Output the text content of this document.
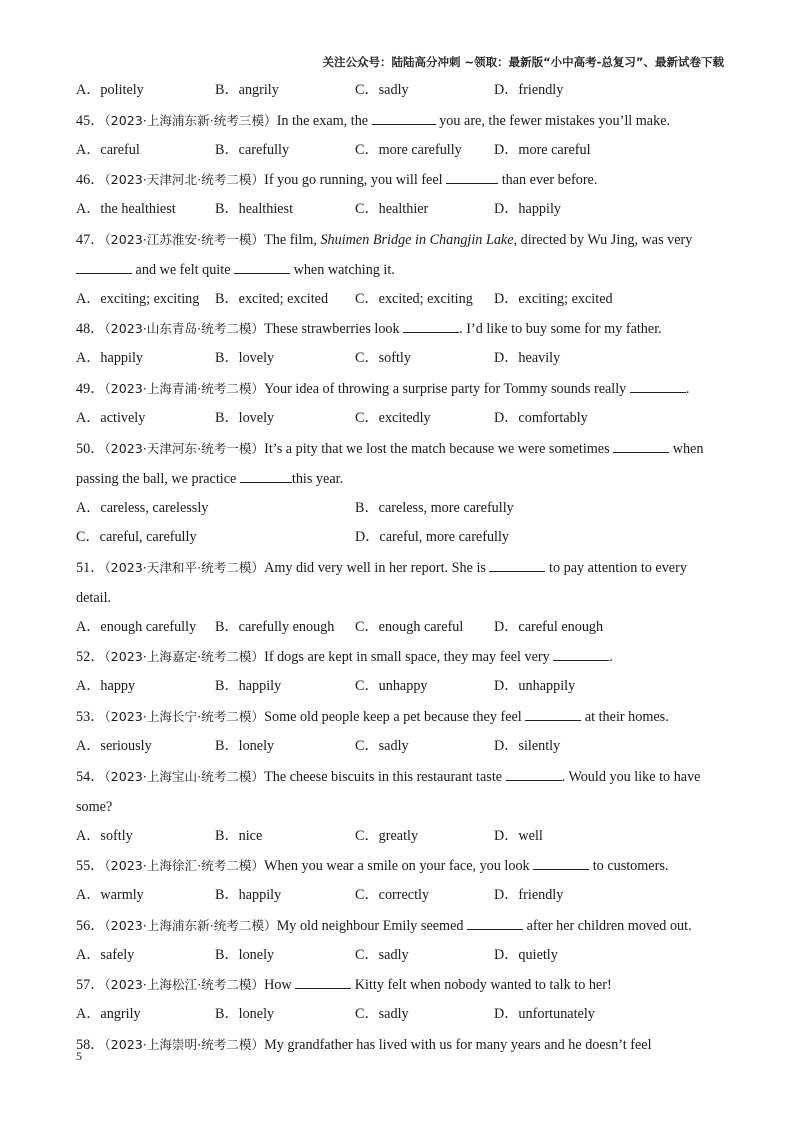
关注公众号：陆陆高分冲刺 ~领取：最新版“小中高考-总复习”、最新试卷下载
A．politely	B．angrily	C．sadly	D．friendly

45．（2023·上海浦东新·统考三模）In the exam, the	you are, the fewer mistakes you’ll make.

A．careful	B．carefully	C．more carefully D．more careful

46．（2023·天津河北·统考二模）If you go running, you will feel	than ever before.

A．the healthiest	B．healthiest	C．healthier	D．happily

47．（2023·江苏淮安·统考一模）The film, Shuimen Bridge in Changjin Lake, directed by Wu Jing, was very

and we felt quite	when watching it.

A．exciting; exciting B．excited; excited C．excited; exciting D．exciting; excited

48．（2023·山东青岛·统考二模）These strawberries look	. I’d like to buy some for my father.

A．happily	B．lovely	C．softly	D．heavily

49．（2023·上海青浦·统考二模）Your idea of throwing a surprise party for Tommy sounds really	.

A．actively	B．lovely	C．excitedly	D．comfortably

50．（2023·天津河东·统考一模）It’s a pity that we lost the match because we were sometimes	when

passing the ball, we practice	this year.

A．careless, carelessly	B．careless, more carefully
C．careful, carefully	D．careful, more carefully

51．（2023·天津和平·统考二模）Amy did very well in her report. She is	to pay attention to every

detail.

A．enough carefully B．carefully enough C．enough careful D．careful enough

52．（2023·上海嘉定·统考二模）If dogs are kept in small space, they may feel very	.

A．happy	B．happily	C．unhappy	D．unhappily

53．（2023·上海长宁·统考二模）Some old people keep a pet because they feel	at their homes.

A．seriously	B．lonely	C．sadly	D．silently

54．（2023·上海宝山·统考二模）The cheese biscuits in this restaurant taste	. Would you like to have

some?

A．softly	B．nice	C．greatly	D．well

55．（2023·上海徐汇·统考二模）When you wear a smile on your face, you look	to customers.

A．warmly	B．happily	C．correctly	D．friendly

56．（2023·上海浦东新·统考二模）My old neighbour Emily seemed	after her children moved out.

A．safely	B．lonely	C．sadly	D．quietly

57．（2023·上海松江·统考二模）How	Kitty felt when nobody wanted to talk to her!

A．angrily	B．lonely	C．sadly	D．unfortunately

58．（2023·上海崇明·统考二模）My grandfather has lived with us for many years and he doesn’t feel

5
